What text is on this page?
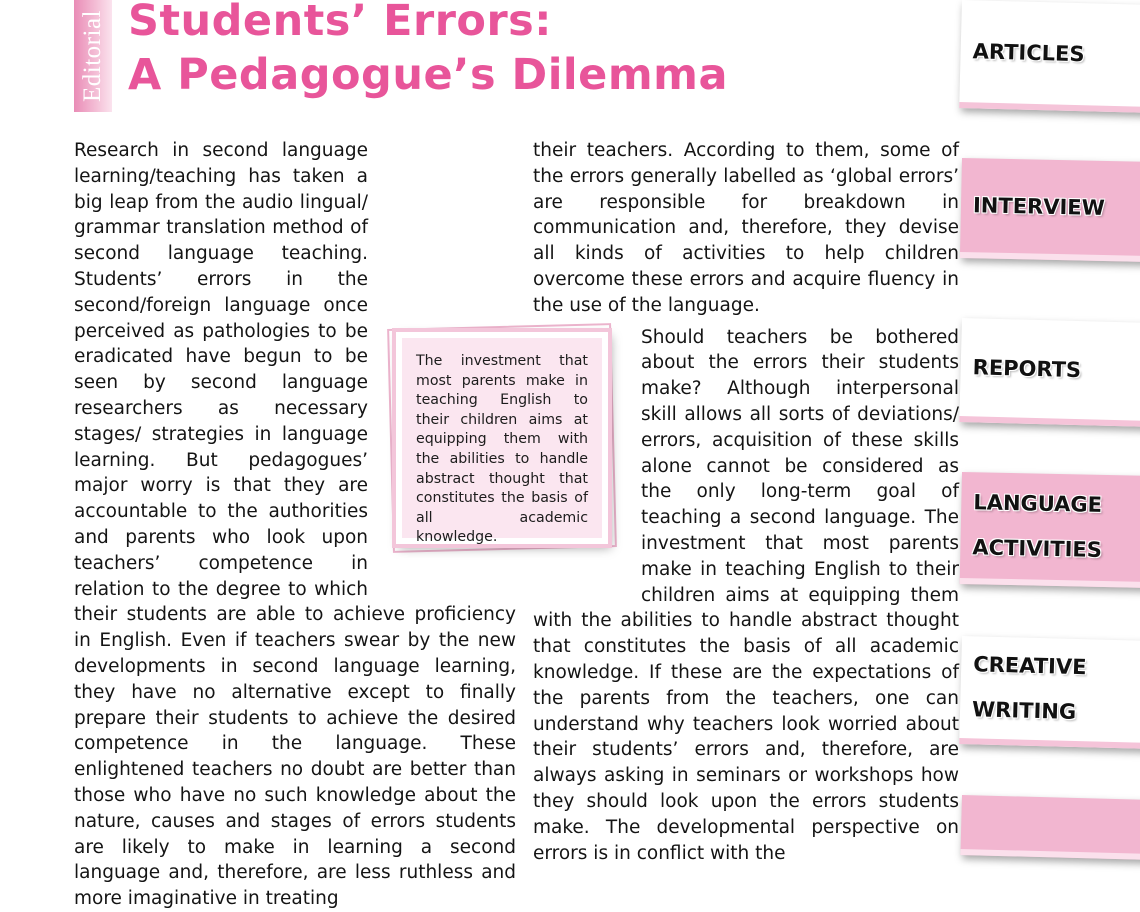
Editorial Students’ Errors:
A Pedagogue’s Dilemma

Research in second language learning/teaching has taken a big leap from the audio lingual/ grammar translation method of second language teaching. Students’ errors in the second/foreign language once perceived as pathologies to be eradicated have begun to be seen by second language researchers as necessary stages/ strategies in language learning. But pedagogues’ major worry is that they are accountable to the authorities and parents who look upon teachers’ competence in relation to the degree to which their students are able to achieve proficiency in English. Even if teachers swear by the new developments in second language learning, they have no alternative except to finally prepare their students to achieve the desired competence in the language. These enlightened teachers no doubt are better than those who have no such knowledge about the nature, causes and stages of errors students are likely to make in learning a second language and, therefore, are less ruthless and more imaginative in treating

their teachers. According to them, some of the errors generally labelled as ‘global errors’ are responsible for breakdown in communication and, therefore, they devise all kinds of activities to help children overcome these errors and acquire fluency in the use of the language.

Should teachers be bothered about the errors their students make? Although interpersonal skill allows all sorts of deviations/ errors, acquisition of these skills alone cannot be considered as the only long-term goal of teaching a second language. The investment that most parents make in teaching English to their children aims at equipping them with the abilities to handle abstract thought that constitutes the basis of all academic knowledge. If these are the expectations of the parents from the teachers, one can understand why teachers look worried about their students’ errors and, therefore, are always asking in seminars or workshops how they should look upon the errors students make. The developmental perspective on errors is in conflict with the

The investment that most parents make in teaching English to their children aims at equipping them with the abilities to handle abstract thought that constitutes the basis of all academic knowledge.
ARTICLES
INTERVIEW
REPORTS
LANGUAGE
ACTIVITIES
CREATIVE
WRITING
